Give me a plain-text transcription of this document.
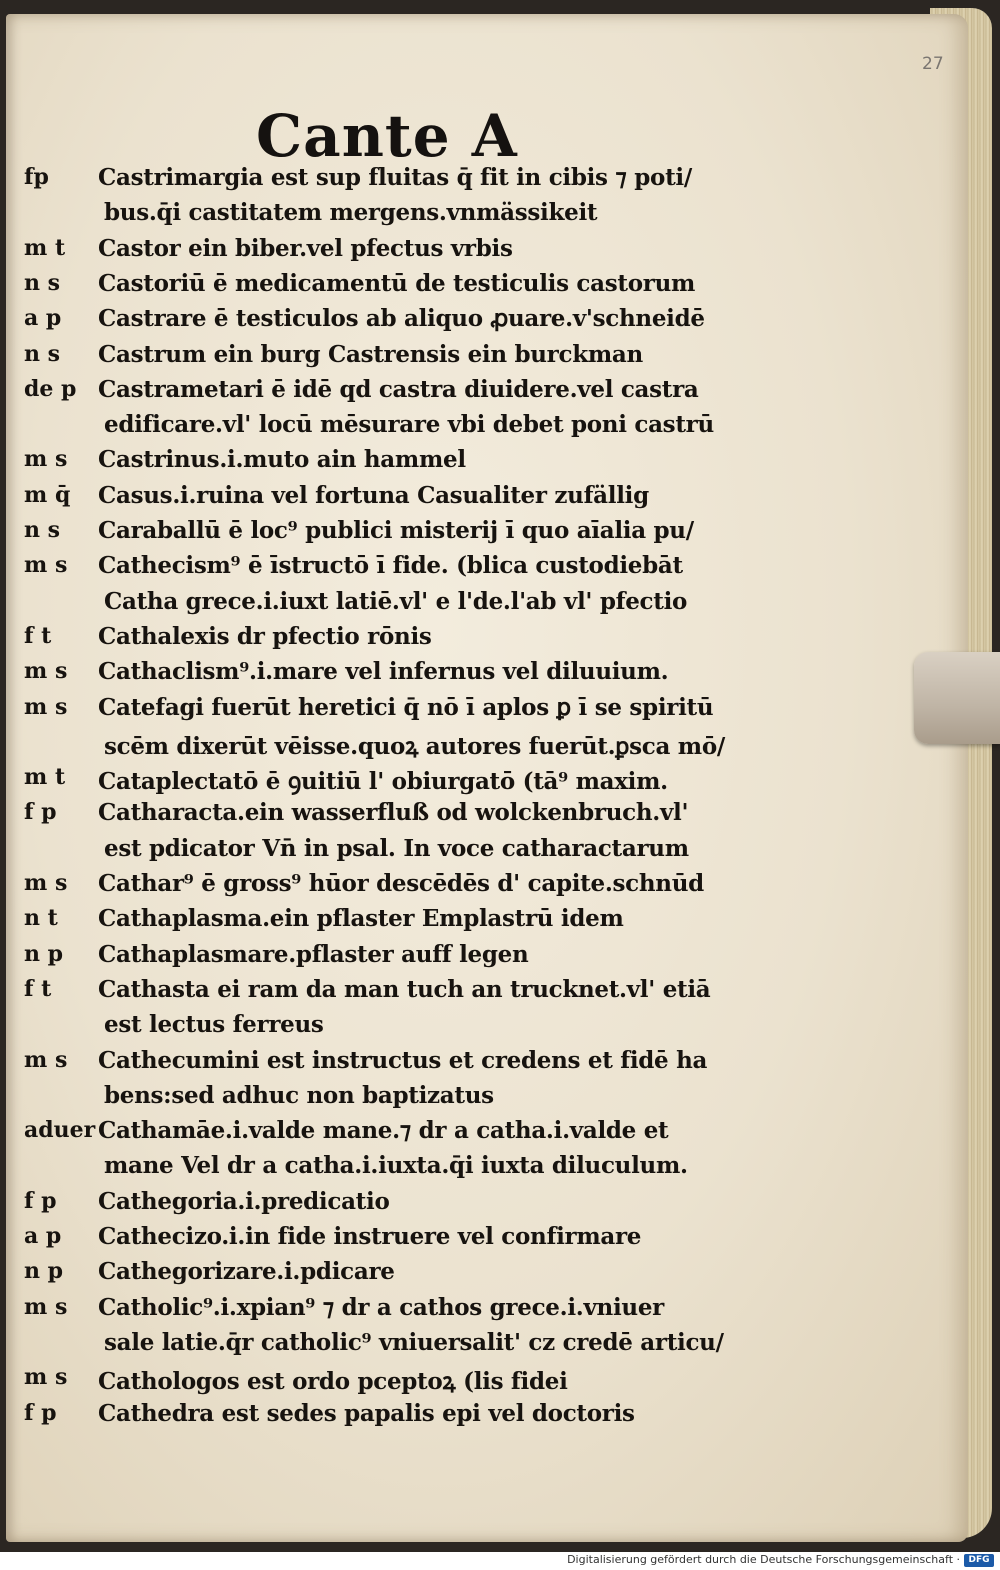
Cante A
fp Castrimargia est sup fluitas q̄ fit in cibis ⁊ poti/
bus.q̄i castitatem mergens.vnmässikeit
m t Castor ein biber.vel pfectus vrbis
n s Castoriū ē medicamentū de testiculis castorum
a p Castrare ē testiculos ab aliquo ꝓuare.v'schneidē
n s Castrum ein burg Castrensis ein burckman
de p Castrametari ē idē qd castra diuidere.vel castra
edificare.vl' locū mēsurare vbi debet poni castrū
m s Castrinus.i.muto ain hammel
m q̄ Casus.i.ruina vel fortuna Casualiter zufällig
n s Caraballū ē loc⁹ publici misterij ī quo aīalia pu/
m s Cathecism⁹ ē īstructō ī fide. (blica custodiebāt
Catha grece.i.iuxt latiē.vl' e l'de.l'ab vl' pfectio
f t Cathalexis dr pfectio rōnis
m s Cathaclism⁹.i.mare vel infernus vel diluuium.
m s Catefagi fuerūt heretici q̄ nō ī aplos ꝑ ī se spiritū
scēm dixerūt vēisse.quoꝝ autores fuerūt.ꝑsca mō/
m t Cataplectatō ē ꝯuitiū l' obiurgatō (tā⁹ maxim.
f p Catharacta.ein wasserfluß od wolckenbruch.vl'
est pdicator Vn̄ in psal. In voce catharactarum
m s Cathar⁹ ē gross⁹ hūor descēdēs d' capite.schnūd
n t Cathaplasma.ein pflaster Emplastrū idem
n p Cathaplasmare.pflaster auff legen
f t Cathasta ei ram da man tuch an trucknet.vl' etiā
est lectus ferreus
m s Cathecumini est instructus et credens et fidē ha
bens:sed adhuc non baptizatus
aduer Cathamāe.i.valde mane.⁊ dr a catha.i.valde et
mane Vel dr a catha.i.iuxta.q̄i iuxta diluculum.
f p Cathegoria.i.predicatio
a p Cathecizo.i.in fide instruere vel confirmare
n p Cathegorizare.i.pdicare
m s Catholic⁹.i.xpian⁹ ⁊ dr a cathos grece.i.vniuer
sale latie.q̄r catholic⁹ vniuersalit' cz credē articu/
m s Cathologos est ordo pceptoꝝ (lis fidei
f p Cathedra est sedes papalis epi vel doctoris
27
Digitalisierung gefördert durch die Deutsche Forschungsgemeinschaft · DFG
